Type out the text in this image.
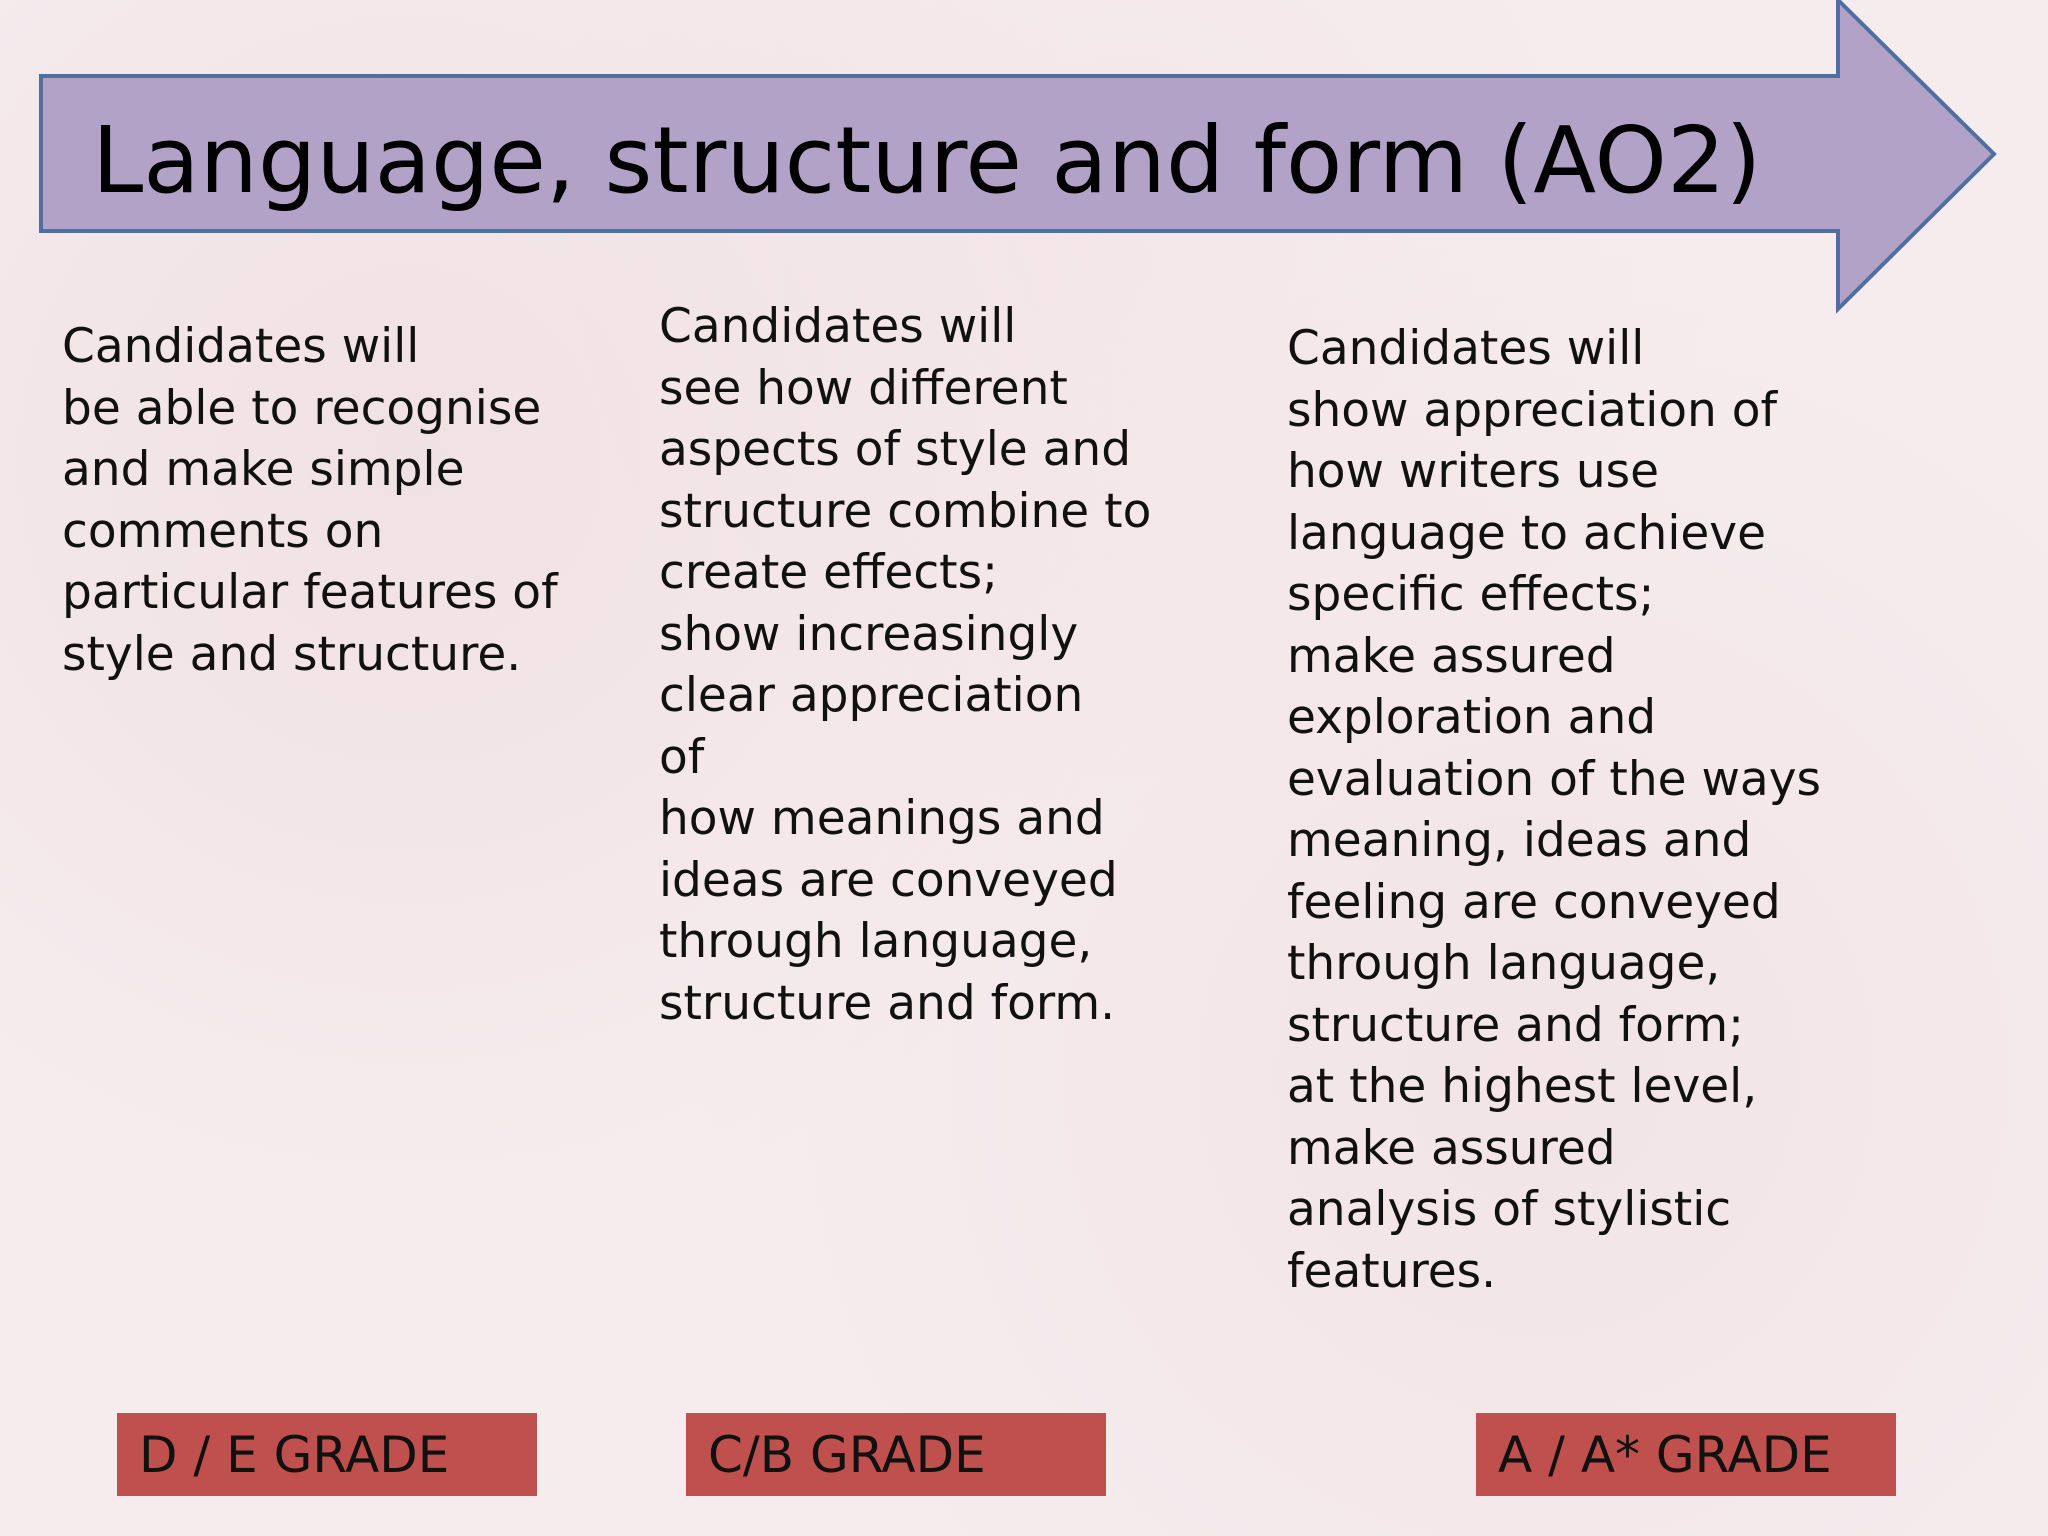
Language, structure and form (AO2)
Candidates will
be able to recognise
and make simple
comments on
particular features of
style and structure.
Candidates will
see how different
aspects of style and
structure combine to
create effects;
show increasingly
clear appreciation
of
how meanings and
ideas are conveyed
through language,
structure and form.
Candidates will
show appreciation of
how writers use
language to achieve
specific effects;
make assured
exploration and
evaluation of the ways
meaning, ideas and
feeling are conveyed
through language,
structure and form;
at the highest level,
make assured
analysis of stylistic
features.
D / E GRADE	C/B GRADE	A / A* GRADE
